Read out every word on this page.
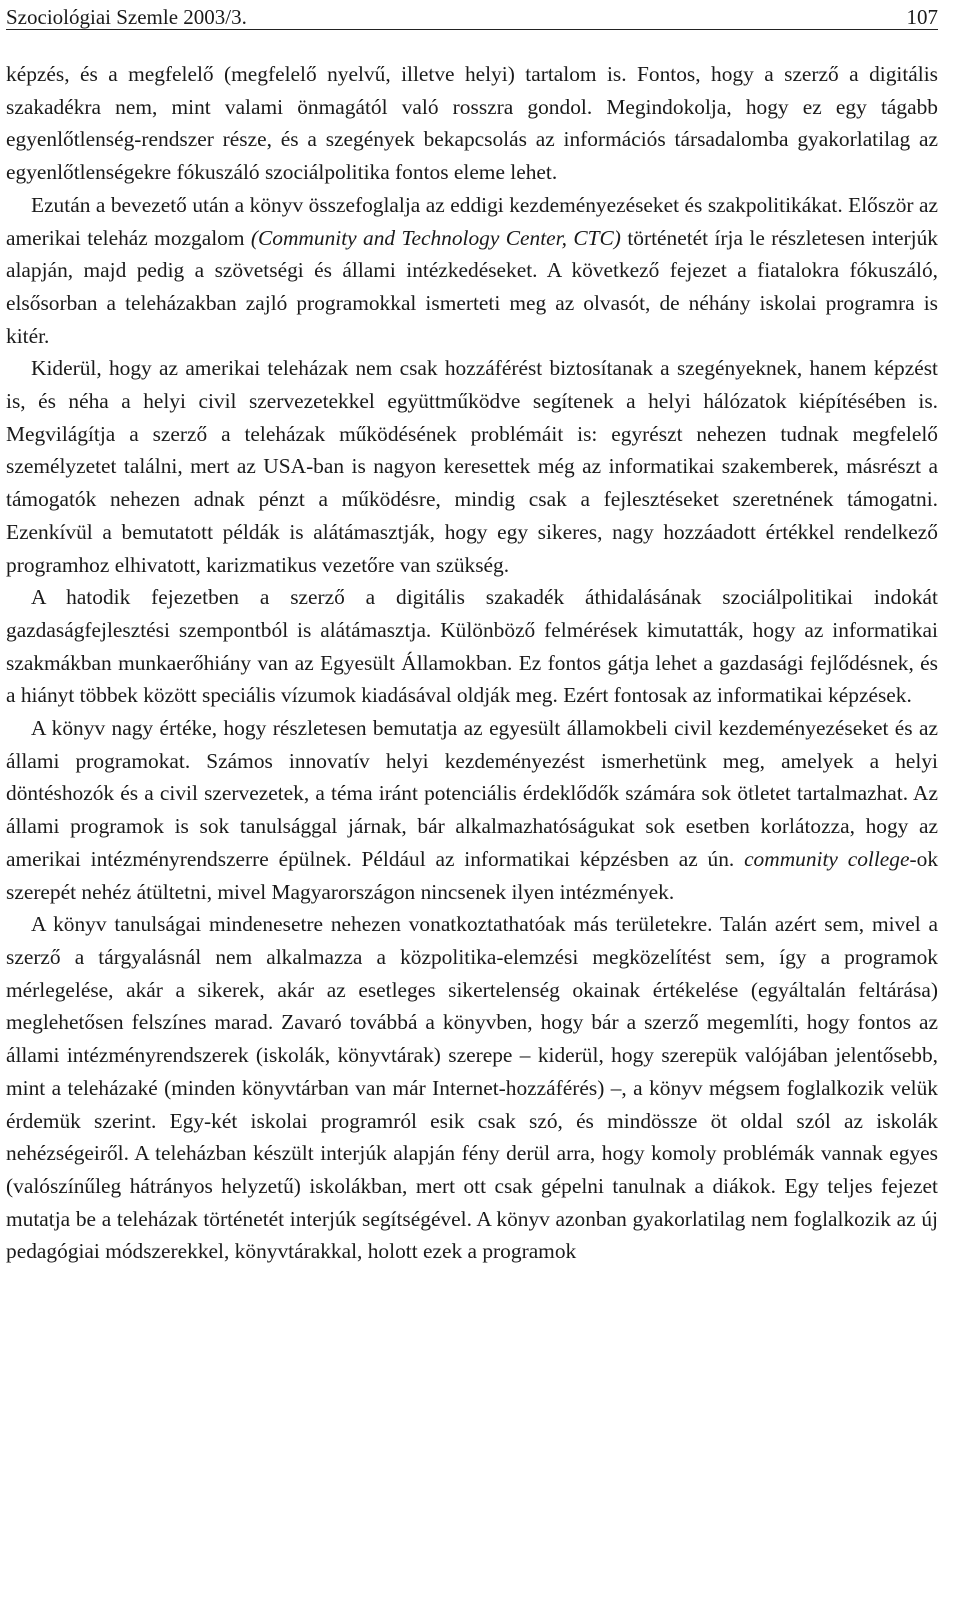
Szociológiai Szemle 2003/3.	107

képzés, és a megfelelő (megfelelő nyelvű, illetve helyi) tartalom is. Fontos, hogy a szerző a digitális szakadékra nem, mint valami önmagától való rosszra gondol. Megindokolja, hogy ez egy tágabb egyenlőtlenség-rendszer része, és a szegények bekapcsolás az információs társadalomba gyakorlatilag az egyenlőtlenségekre fókuszáló szociálpolitika fontos eleme lehet.

Ezután a bevezető után a könyv összefoglalja az eddigi kezdeményezéseket és szakpolitikákat. Először az amerikai teleház mozgalom (Community and Technology Center, CTC) történetét írja le részletesen interjúk alapján, majd pedig a szövetségi és állami intézkedéseket. A következő fejezet a fiatalokra fókuszáló, elsősorban a teleházakban zajló programokkal ismerteti meg az olvasót, de néhány iskolai programra is kitér.

Kiderül, hogy az amerikai teleházak nem csak hozzáférést biztosítanak a szegényeknek, hanem képzést is, és néha a helyi civil szervezetekkel együttműködve segítenek a helyi hálózatok kiépítésében is. Megvilágítja a szerző a teleházak működésének problémáit is: egyrészt nehezen tudnak megfelelő személyzetet találni, mert az USA-ban is nagyon keresettek még az informatikai szakemberek, másrészt a támogatók nehezen adnak pénzt a működésre, mindig csak a fejlesztéseket szeretnének támogatni. Ezenkívül a bemutatott példák is alátámasztják, hogy egy sikeres, nagy hozzáadott értékkel rendelkező programhoz elhivatott, karizmatikus vezetőre van szükség.

A hatodik fejezetben a szerző a digitális szakadék áthidalásának szociálpolitikai indokát gazdaságfejlesztési szempontból is alátámasztja. Különböző felmérések kimutatták, hogy az informatikai szakmákban munkaerőhiány van az Egyesült Államokban. Ez fontos gátja lehet a gazdasági fejlődésnek, és a hiányt többek között speciális vízumok kiadásával oldják meg. Ezért fontosak az informatikai képzések.

A könyv nagy értéke, hogy részletesen bemutatja az egyesült államokbeli civil kezdeményezéseket és az állami programokat. Számos innovatív helyi kezdeményezést ismerhetünk meg, amelyek a helyi döntéshozók és a civil szervezetek, a téma iránt potenciális érdeklődők számára sok ötletet tartalmazhat. Az állami programok is sok tanulsággal járnak, bár alkalmazhatóságukat sok esetben korlátozza, hogy az amerikai intézményrendszerre épülnek. Például az informatikai képzésben az ún. community college-ok szerepét nehéz átültetni, mivel Magyarországon nincsenek ilyen intézmények.

A könyv tanulságai mindenesetre nehezen vonatkoztathatóak más területekre. Talán azért sem, mivel a szerző a tárgyalásnál nem alkalmazza a közpolitika-elemzési megközelítést sem, így a programok mérlegelése, akár a sikerek, akár az esetleges sikertelenség okainak értékelése (egyáltalán feltárása) meglehetősen felszínes marad. Zavaró továbbá a könyvben, hogy bár a szerző megemlíti, hogy fontos az állami intézményrendszerek (iskolák, könyvtárak) szerepe – kiderül, hogy szerepük valójában jelentősebb, mint a teleházaké (minden könyvtárban van már Internet-hozzáférés) –, a könyv mégsem foglalkozik velük érdemük szerint. Egy-két iskolai programról esik csak szó, és mindössze öt oldal szól az iskolák nehézségeiről. A teleházban készült interjúk alapján fény derül arra, hogy komoly problémák vannak egyes (valószínűleg hátrányos helyzetű) iskolákban, mert ott csak gépelni tanulnak a diákok. Egy teljes fejezet mutatja be a teleházak történetét interjúk segítségével. A könyv azonban gyakorlatilag nem foglalkozik az új pedagógiai módszerekkel, könyvtárakkal, holott ezek a programok
